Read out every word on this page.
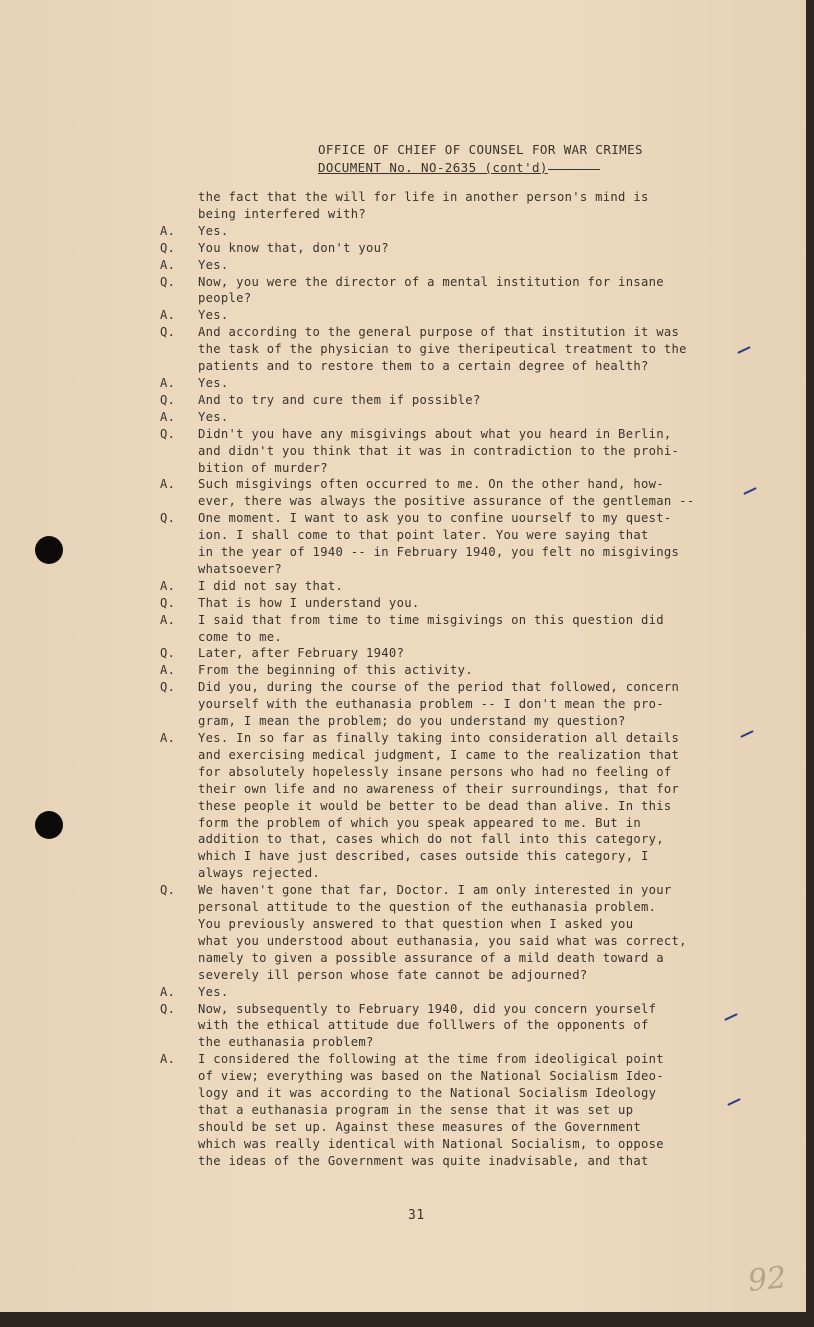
OFFICE OF CHIEF OF COUNSEL FOR WAR CRIMES
DOCUMENT No. NO-2635 (cont'd)
the fact that the will for life in another person's mind is
being interfered with?
A.	Yes.
Q.	You know that, don't you?
A.	Yes.
Q.	Now, you were the director of a mental institution for insane
people?
A.	Yes.
Q.	And according to the general purpose of that institution it was
the task of the physician to give theripeutical treatment to the
patients and to restore them to a certain degree of health?
A.	Yes.
Q.	And to try and cure them if possible?
A.	Yes.
Q.	Didn't you have any misgivings about what you heard in Berlin,
and didn't you think that it was in contradiction to the prohi-
bition of murder?
A.	Such misgivings often occurred to me. On the other hand, how-
ever, there was always the positive assurance of the gentleman --
Q.	One moment. I want to ask you to confine uourself to my quest-
ion. I shall come to that point later. You were saying that
in the year of 1940 -- in February 1940, you felt no misgivings
whatsoever?
A.	I did not say that.
Q.	That is how I understand you.
A.	I said that from time to time misgivings on this question did
come to me.
Q.	Later, after February 1940?
A.	From the beginning of this activity.
Q.	Did you, during the course of the period that followed, concern
yourself with the euthanasia problem -- I don't mean the pro-
gram, I mean the problem; do you understand my question?
A.	Yes. In so far as finally taking into consideration all details
and exercising medical judgment, I came to the realization that
for absolutely hopelessly insane persons who had no feeling of
their own life and no awareness of their surroundings, that for
these people it would be better to be dead than alive. In this
form the problem of which you speak appeared to me. But in
addition to that, cases which do not fall into this category,
which I have just described, cases outside this category, I
always rejected.
Q.	We haven't gone that far, Doctor. I am only interested in your
personal attitude to the question of the euthanasia problem.
You previously answered to that question when I asked you
what you understood about euthanasia, you said what was correct,
namely to given a possible assurance of a mild death toward a
severely ill person whose fate cannot be adjourned?
A.	Yes.
Q.	Now, subsequently to February 1940, did you concern yourself
with the ethical attitude due folllwers of the opponents of
the euthanasia problem?
A.	I considered the following at the time from ideoligical point
of view; everything was based on the National Socialism Ideo-
logy and it was according to the National Socialism Ideology
that a euthanasia program in the sense that it was set up
should be set up. Against these measures of the Government
which was really identical with National Socialism, to oppose
the ideas of the Government was quite inadvisable, and that
31
92
